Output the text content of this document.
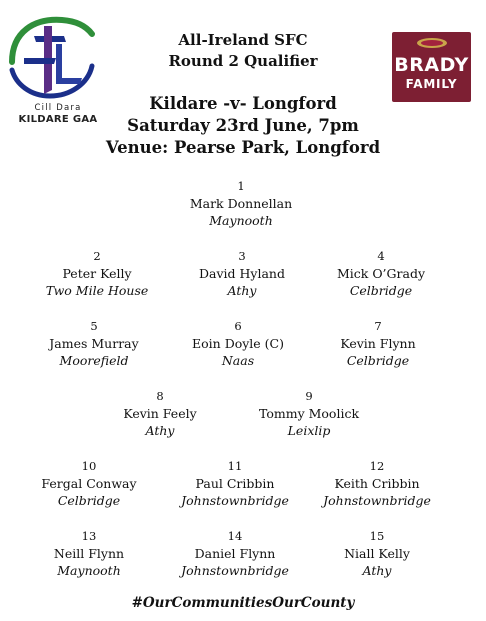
Cill Dara
KILDARE GAA
BRADY
FAMILY
All-Ireland SFC
Round 2 Qualifier
Kildare -v- Longford
Saturday 23rd June, 7pm
Venue: Pearse Park, Longford
1
Mark Donnellan
Maynooth
2
Peter Kelly
Two Mile House
3
David Hyland
Athy
4
Mick O’Grady
Celbridge
5
James Murray
Moorefield
6
Eoin Doyle (C)
Naas
7
Kevin Flynn
Celbridge
8
Kevin Feely
Athy
9
Tommy Moolick
Leixlip
10
Fergal Conway
Celbridge
11
Paul Cribbin
Johnstownbridge
12
Keith Cribbin
Johnstownbridge
13
Neill Flynn
Maynooth
14
Daniel Flynn
Johnstownbridge
15
Niall Kelly
Athy
#OurCommunitiesOurCounty
